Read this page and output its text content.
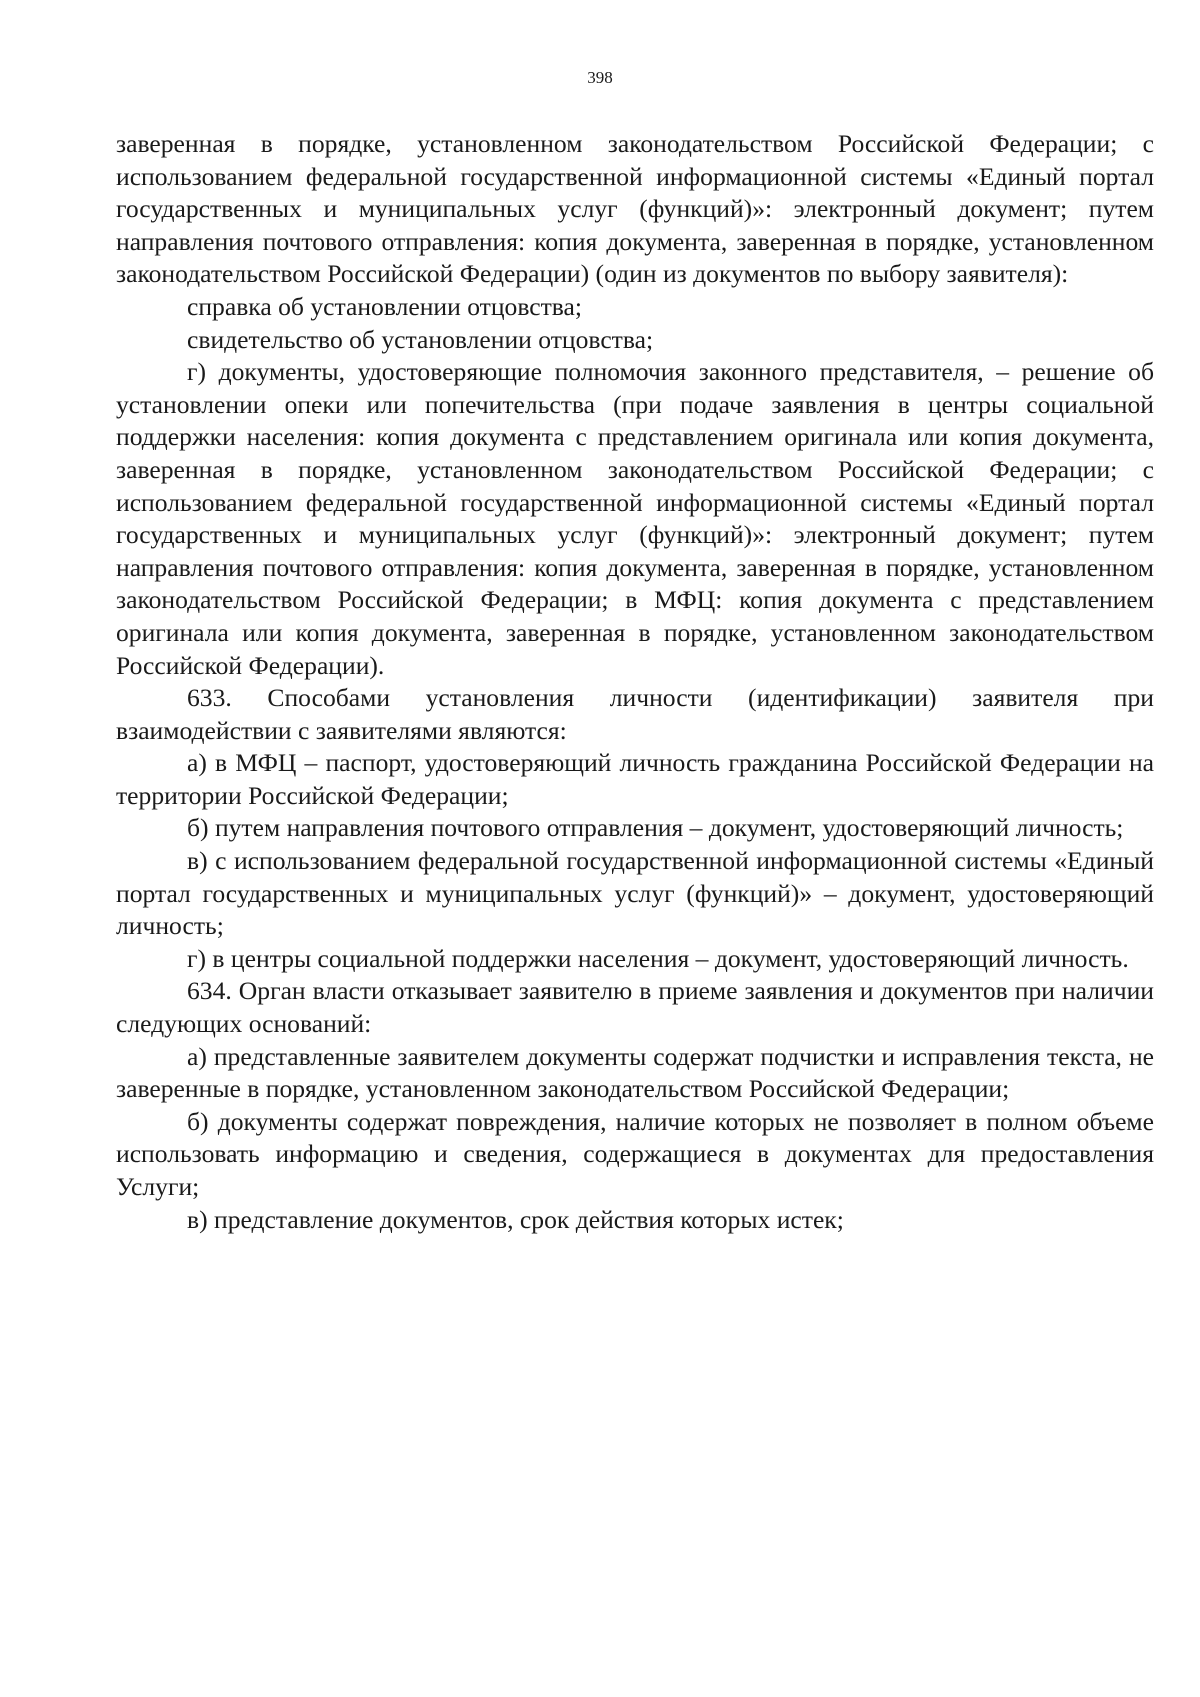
398

заверенная в порядке, установленном законодательством Российской Федерации; с использованием федеральной государственной информационной системы «Единый портал государственных и муниципальных услуг (функций)»: электронный документ; путем направления почтового отправления: копия документа, заверенная в порядке, установленном законодательством Российской Федерации) (один из документов по выбору заявителя):

справка об установлении отцовства;

свидетельство об установлении отцовства;

г) документы, удостоверяющие полномочия законного представителя, – решение об установлении опеки или попечительства (при подаче заявления в центры социальной поддержки населения: копия документа с представлением оригинала или копия документа, заверенная в порядке, установленном законодательством Российской Федерации; с использованием федеральной государственной информационной системы «Единый портал государственных и муниципальных услуг (функций)»: электронный документ; путем направления почтового отправления: копия документа, заверенная в порядке, установленном законодательством Российской Федерации; в МФЦ: копия документа с представлением оригинала или копия документа, заверенная в порядке, установленном законодательством Российской Федерации).

633. Способами установления личности (идентификации) заявителя при взаимодействии с заявителями являются:

а) в МФЦ – паспорт, удостоверяющий личность гражданина Российской Федерации на территории Российской Федерации;

б) путем направления почтового отправления – документ, удостоверяющий личность;

в) с использованием федеральной государственной информационной системы «Единый портал государственных и муниципальных услуг (функций)» – документ, удостоверяющий личность;

г) в центры социальной поддержки населения – документ, удостоверяющий личность.

634. Орган власти отказывает заявителю в приеме заявления и документов при наличии следующих оснований:

а) представленные заявителем документы содержат подчистки и исправления текста, не заверенные в порядке, установленном законодательством Российской Федерации;

б) документы содержат повреждения, наличие которых не позволяет в полном объеме использовать информацию и сведения, содержащиеся в документах для предоставления Услуги;

в) представление документов, срок действия которых истек;
